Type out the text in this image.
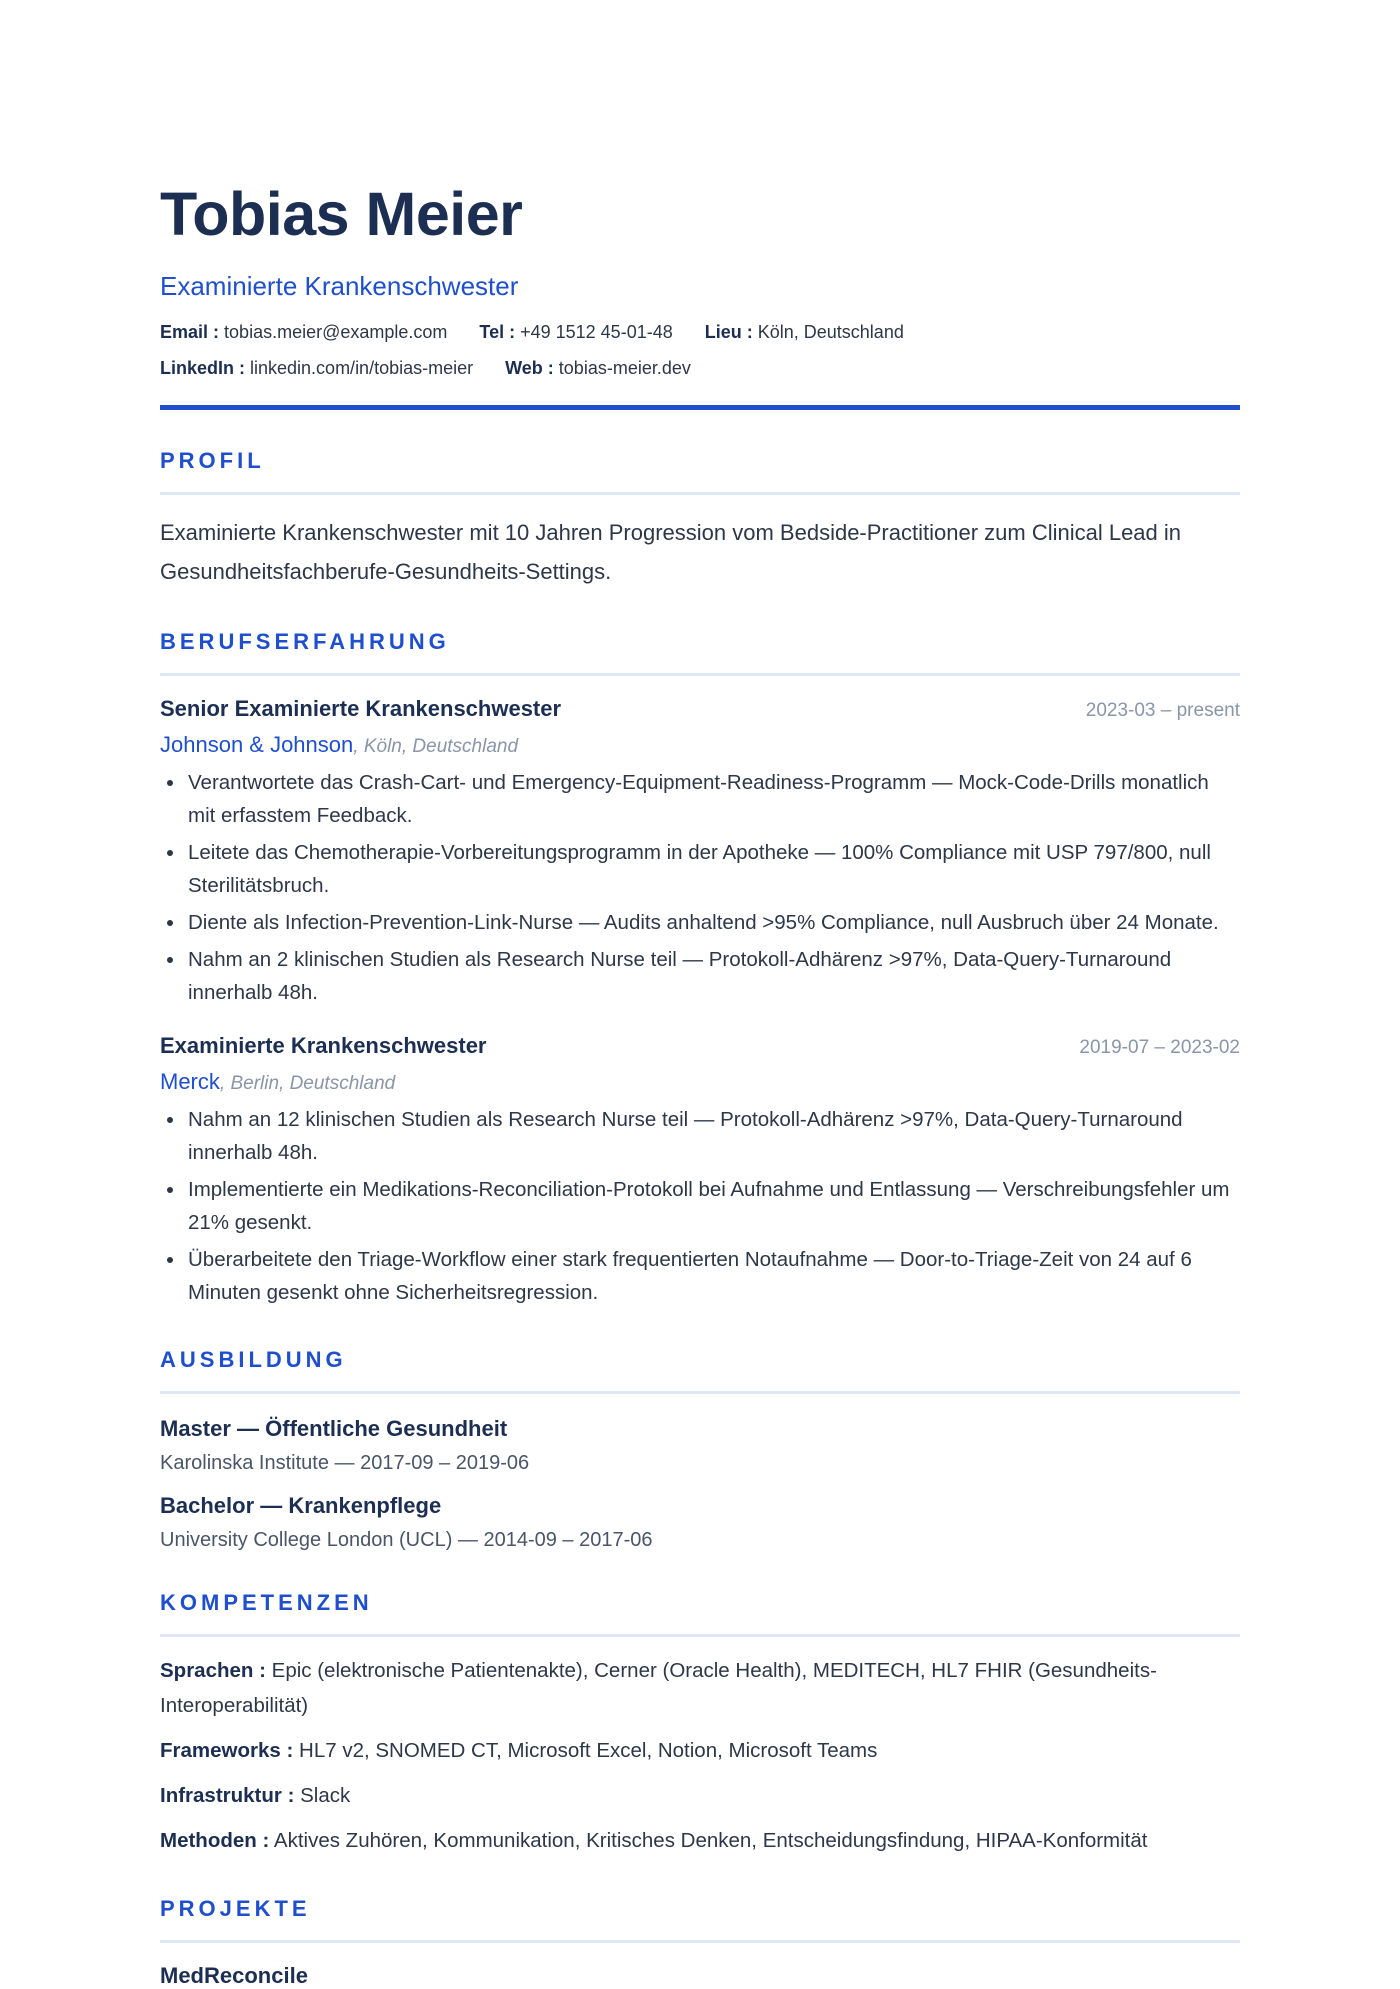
Tobias Meier
Examinierte Krankenschwester
Email : tobias.meier@example.com Tel : +49 1512 45-01-48 Lieu : Köln, Deutschland
LinkedIn : linkedin.com/in/tobias-meier Web : tobias-meier.dev
PROFIL
Examinierte Krankenschwester mit 10 Jahren Progression vom Bedside-Practitioner zum Clinical Lead in Gesundheitsfachberufe-Gesundheits-Settings.
BERUFSERFAHRUNG
Senior Examinierte Krankenschwester	2023-03 – present
Johnson & Johnson, Köln, Deutschland
Verantwortete das Crash-Cart- und Emergency-Equipment-Readiness-Programm — Mock-Code-Drills monatlich mit erfasstem Feedback.
Leitete das Chemotherapie-Vorbereitungsprogramm in der Apotheke — 100% Compliance mit USP 797/800, null Sterilitätsbruch.
Diente als Infection-Prevention-Link-Nurse — Audits anhaltend >95% Compliance, null Ausbruch über 24 Monate.
Nahm an 2 klinischen Studien als Research Nurse teil — Protokoll-Adhärenz >97%, Data-Query-Turnaround innerhalb 48h.
Examinierte Krankenschwester	2019-07 – 2023-02
Merck, Berlin, Deutschland
Nahm an 12 klinischen Studien als Research Nurse teil — Protokoll-Adhärenz >97%, Data-Query-Turnaround innerhalb 48h.
Implementierte ein Medikations-Reconciliation-Protokoll bei Aufnahme und Entlassung — Verschreibungsfehler um 21% gesenkt.
Überarbeitete den Triage-Workflow einer stark frequentierten Notaufnahme — Door-to-Triage-Zeit von 24 auf 6 Minuten gesenkt ohne Sicherheitsregression.
AUSBILDUNG
Master — Öffentliche Gesundheit
Karolinska Institute — 2017-09 – 2019-06
Bachelor — Krankenpflege
University College London (UCL) — 2014-09 – 2017-06
KOMPETENZEN
Sprachen : Epic (elektronische Patientenakte), Cerner (Oracle Health), MEDITECH, HL7 FHIR (Gesundheits-Interoperabilität)
Frameworks : HL7 v2, SNOMED CT, Microsoft Excel, Notion, Microsoft Teams
Infrastruktur : Slack
Methoden : Aktives Zuhören, Kommunikation, Kritisches Denken, Entscheidungsfindung, HIPAA-Konformität
PROJEKTE
MedReconcile
